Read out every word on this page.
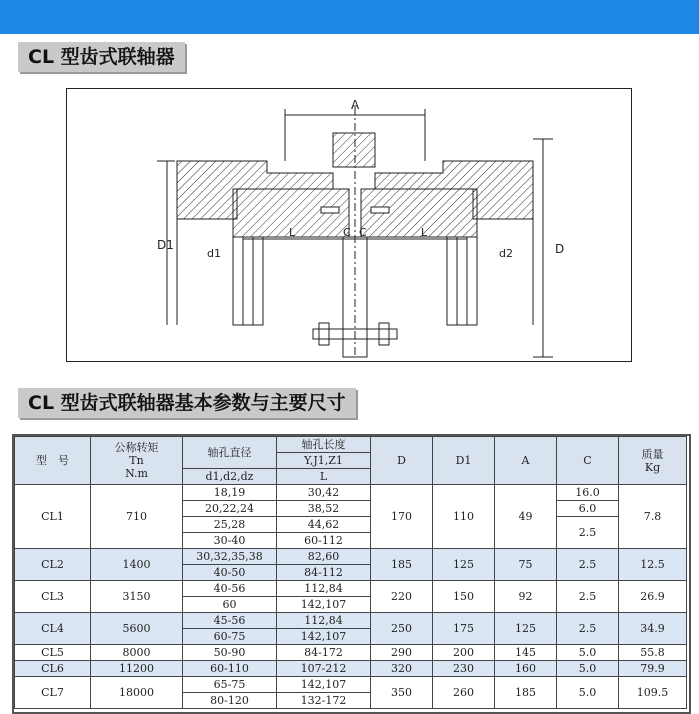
CL 型齿式联轴器
A
D1
d1	d2	D
L	L
C C
CL 型齿式联轴器基本参数与主要尺寸
型　号	公称转矩
Tn
N.m	轴孔直径	轴孔长度	D	D1	A	C	质量
Kg
			Y,J1,Z1					
		d1,d2,dz	L					
CL1	710	18,19	30,42	170	110	49	16.0	7.8
		20,22,24	38,52				6.0	
		25,28	44,62				2.5	
		30-40	60-112					
CL2	1400	30,32,35,38	82,60	185	125	75	2.5	12.5
		40-50	84-112					
CL3	3150	40-56	112,84	220	150	92	2.5	26.9
		60	142,107					
CL4	5600	45-56	112,84	250	175	125	2.5	34.9
		60-75	142,107					
CL5	8000	50-90	84-172	290	200	145	5.0	55.8
CL6	11200	60-110	107-212	320	230	160	5.0	79.9
CL7	18000	65-75	142,107	350	260	185	5.0	109.5
		80-120	132-172					
